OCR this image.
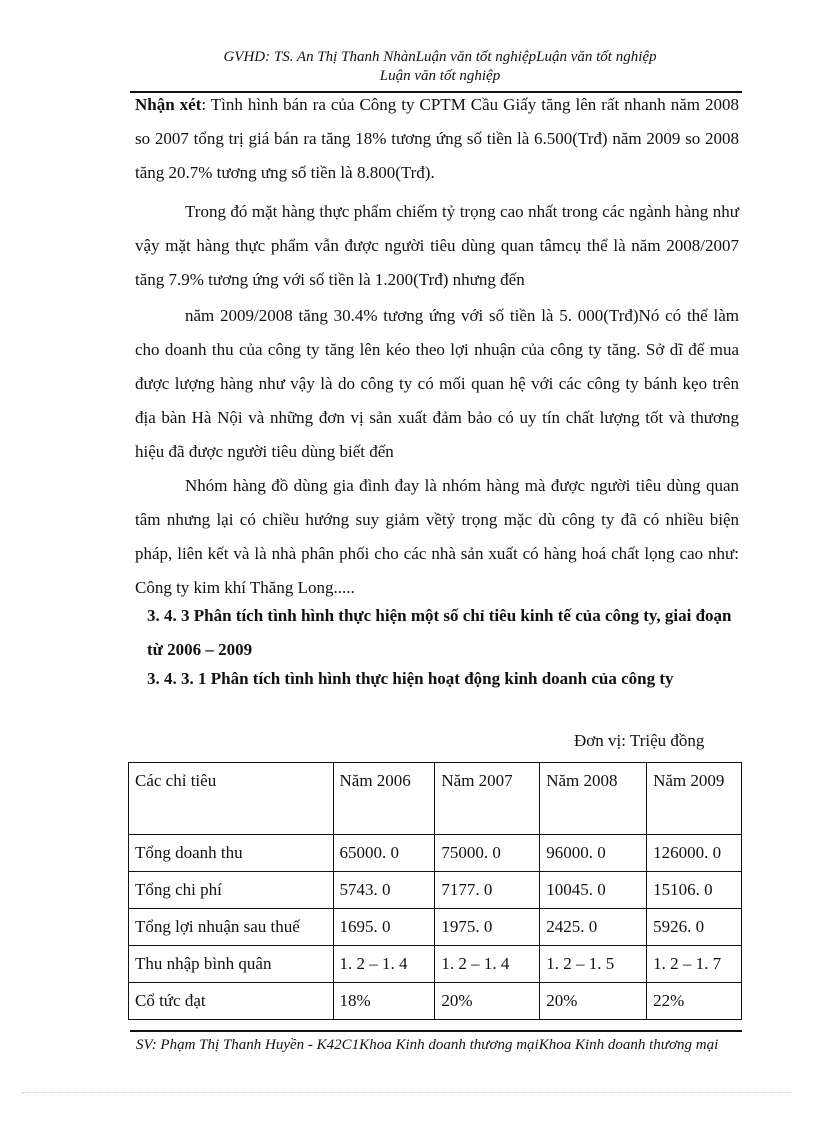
GVHD: TS. An Thị Thanh NhànLuận văn tốt nghiệpLuận văn tốt nghiệp
Luận văn tốt nghiệp
Nhận xét: Tình hình bán ra của Công ty CPTM Cầu Giấy tăng lên rất nhanh năm 2008 so 2007 tổng trị giá bán ra tăng 18% tương ứng số tiền là 6.500(Trđ) năm 2009 so 2008 tăng 20.7% tương ưng số tiền là 8.800(Trđ).
Trong đó mặt hàng thực phẩm chiếm tỷ trọng cao nhất trong các ngành hàng như vậy mặt hàng thực phẩm vẫn được người tiêu dùng quan tâmcụ thể là năm 2008/2007 tăng 7.9% tương ứng với số tiền là 1.200(Trđ) nhưng đến
năm 2009/2008 tăng 30.4% tương ứng với số tiền là 5. 000(Trđ)Nó có thể làm cho doanh thu của công ty tăng lên kéo theo lợi nhuận của công ty tăng. Sở dĩ để mua được lượng hàng như vậy là do công ty có mối quan hệ với các công ty bánh kẹo trên địa bàn Hà Nội và những đơn vị sản xuất đảm bảo có uy tín chất lượng tốt và thương hiệu đã được người tiêu dùng biết đến
Nhóm hàng đồ dùng gia đình đay là nhóm hàng mà được người tiêu dùng quan tâm nhưng lại có chiều hướng suy giảm vềtỷ trọng mặc dù công ty đã có nhiều biện pháp, liên kết và là nhà phân phối cho các nhà sản xuất có hàng hoá chất lọng cao như: Công ty kim khí Thăng Long.....
3. 4. 3 Phân tích tình hình thực hiện một số chỉ tiêu kinh tế của công ty, giai đoạn từ 2006 – 2009
3. 4. 3. 1 Phân tích tình hình thực hiện hoạt động kinh doanh của công ty
Đơn vị: Triệu đồng
Các chỉ tiêu	Năm 2006	Năm 2007	Năm 2008	Năm 2009
Tổng doanh thu	65000. 0	75000. 0	96000. 0	126000. 0
Tổng chi phí	5743. 0	7177. 0	10045. 0	15106. 0
Tổng lợi nhuận sau thuế	1695. 0	1975. 0	2425. 0	5926. 0
Thu nhập bình quân	1. 2 – 1. 4	1. 2 – 1. 4	1. 2 – 1. 5	1. 2 – 1. 7
Cổ tức đạt	18%	20%	20%	22%
SV: Phạm Thị Thanh Huyền - K42C1Khoa Kinh doanh thương mạiKhoa Kinh doanh thương mại
